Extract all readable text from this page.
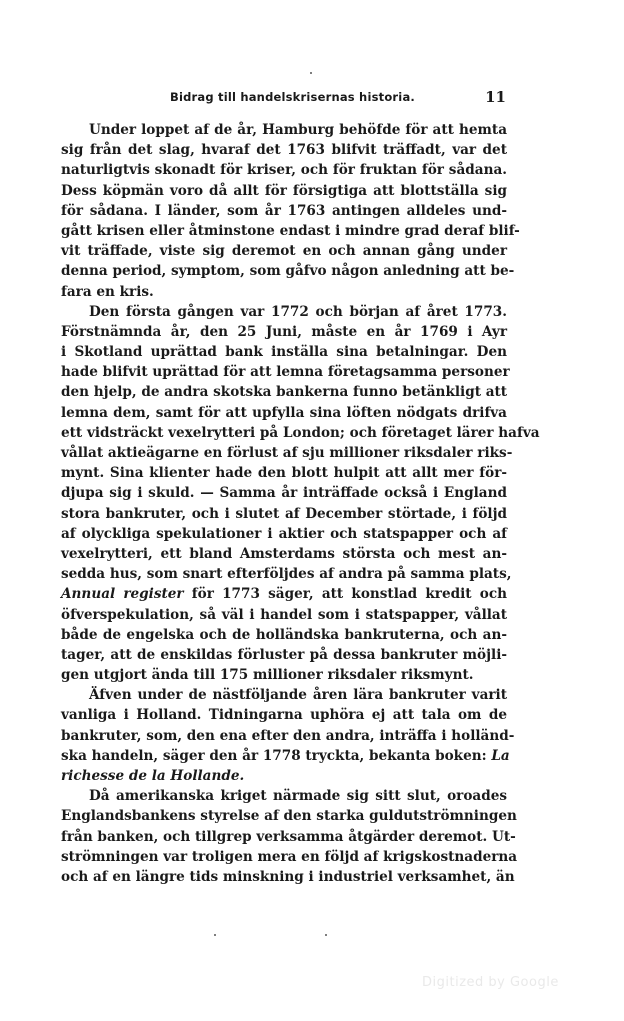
Bidrag till handelskrisernas historia.	11
Under loppet af de år, Hamburg behöfde för att hemta
sig från det slag, hvaraf det 1763 blifvit träffadt, var det
naturligtvis skonadt för kriser, och för fruktan för sådana.
Dess köpmän voro då allt för försigtiga att blottställa sig
för sådana. I länder, som år 1763 antingen alldeles und-
gått krisen eller åtminstone endast i mindre grad deraf blif-
vit träffade, viste sig deremot en och annan gång under
denna period, symptom, som gåfvo någon anledning att be-
fara en kris.
Den första gången var 1772 och början af året 1773.
Förstnämnda år, den 25 Juni, måste en år 1769 i Ayr
i Skotland uprättad bank inställa sina betalningar. Den
hade blifvit uprättad för att lemna företagsamma personer
den hjelp, de andra skotska bankerna funno betänkligt att
lemna dem, samt för att upfylla sina löften nödgats drifva
ett vidsträckt vexelrytteri på London; och företaget lärer hafva
vållat aktieägarne en förlust af sju millioner riksdaler riks-
mynt. Sina klienter hade den blott hulpit att allt mer för-
djupa sig i skuld. — Samma år inträffade också i England
stora bankruter, och i slutet af December störtade, i följd
af olyckliga spekulationer i aktier och statspapper och af
vexelrytteri, ett bland Amsterdams största och mest an-
sedda hus, som snart efterföljdes af andra på samma plats,
Annual register för 1773 säger, att konstlad kredit och
öfverspekulation, så väl i handel som i statspapper, vållat
både de engelska och de holländska bankruterna, och an-
tager, att de enskildas förluster på dessa bankruter möjli-
gen utgjort ända till 175 millioner riksdaler riksmynt.
Äfven under de nästföljande åren lära bankruter varit
vanliga i Holland. Tidningarna uphöra ej att tala om de
bankruter, som, den ena efter den andra, inträffa i holländ-
ska handeln, säger den år 1778 tryckta, bekanta boken: La
richesse de la Hollande.
Då amerikanska kriget närmade sig sitt slut, oroades
Englandsbankens styrelse af den starka guldutströmningen
från banken, och tillgrep verksamma åtgärder deremot. Ut-
strömningen var troligen mera en följd af krigskostnaderna
och af en längre tids minskning i industriel verksamhet, än
Digitized by Google
